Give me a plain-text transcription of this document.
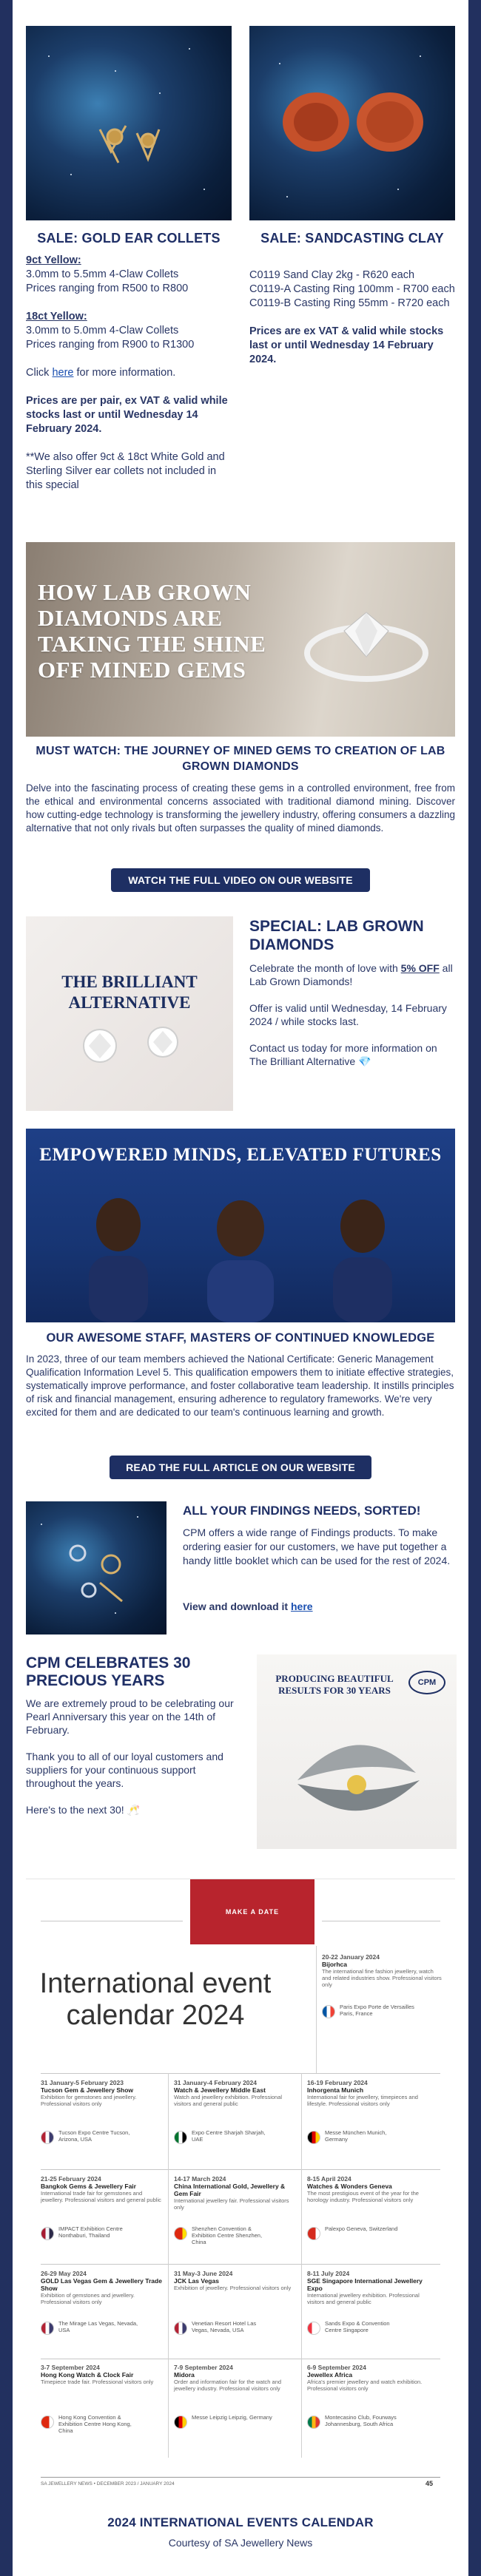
SALE: GOLD EAR COLLETS	SALE: SANDCASTING CLAY
9ct Yellow:
3.0mm to 5.5mm 4-Claw Collets
Prices ranging from R500 to R800
18ct Yellow:
3.0mm to 5.0mm 4-Claw Collets
Prices ranging from R900 to R1300
Click here for more information.
Prices are per pair, ex VAT & valid while stocks last or until Wednesday 14 February 2024.
**We also offer 9ct & 18ct White Gold and Sterling Silver ear collets not included in this special
C0119 Sand Clay 2kg - R620 each
C0119-A Casting Ring 100mm - R700 each
C0119-B Casting Ring 55mm - R720 each
Prices are ex VAT & valid while stocks last or until Wednesday 14 February 2024.
HOW LAB GROWN DIAMONDS ARE TAKING THE SHINE OFF MINED GEMS
MUST WATCH: THE JOURNEY OF MINED GEMS TO CREATION OF LAB GROWN DIAMONDS
Delve into the fascinating process of creating these gems in a controlled environment, free from the ethical and environmental concerns associated with traditional diamond mining. Discover how cutting-edge technology is transforming the jewellery industry, offering consumers a dazzling alternative that not only rivals but often surpasses the quality of mined diamonds.
WATCH THE FULL VIDEO ON OUR WEBSITE
THE BRILLIANT ALTERNATIVE
SPECIAL: LAB GROWN DIAMONDS
Celebrate the month of love with 5% OFF all Lab Grown Diamonds!
Offer is valid until Wednesday, 14 February 2024 / while stocks last.
Contact us today for more information on The Brilliant Alternative 💎
EMPOWERED MINDS, ELEVATED FUTURES
OUR AWESOME STAFF, MASTERS OF CONTINUED KNOWLEDGE
In 2023, three of our team members achieved the National Certificate: Generic Management Qualification Information Level 5. This qualification empowers them to initiate effective strategies, systematically improve performance, and foster collaborative team leadership. It instills principles of risk and financial management, ensuring adherence to regulatory frameworks. We're very excited for them and are dedicated to our team's continuous learning and growth.
READ THE FULL ARTICLE ON OUR WEBSITE
ALL YOUR FINDINGS NEEDS, SORTED!
CPM offers a wide range of Findings products. To make ordering easier for our customers, we have put together a handy little booklet which can be used for the rest of 2024.
View and download it here
CPM CELEBRATES 30 PRECIOUS YEARS
We are extremely proud to be celebrating our Pearl Anniversary this year on the 14th of February.
Thank you to all of our loyal customers and suppliers for your continuous support throughout the years.
Here's to the next 30! 🥂
PRODUCING BEAUTIFUL RESULTS FOR 30 YEARS
CPM
MAKE A DATE
International event
calendar 2024
20-22 January 2024
Bijorhca
The international fine fashion jewellery, watch and related industries show. Professional visitors only
Paris Expo Porte de Versailles Paris, France
31 January-5 February 2023
Tucson Gem & Jewellery Show
Exhibition for gemstones and jewellery. Professional visitors only
Tucson Expo Centre Tucson, Arizona, USA
31 January-4 February 2024
Watch & Jewellery Middle East
Watch and jewellery exhibition. Professional visitors and general public
Expo Centre Sharjah Sharjah, UAE
16-19 February 2024
Inhorgenta Munich
International fair for jewellery, timepieces and lifestyle. Professional visitors only
Messe München Munich, Germany
21-25 February 2024
Bangkok Gems & Jewellery Fair
International trade fair for gemstones and jewellery. Professional visitors and general public
IMPACT Exhibition Centre Nonthaburi, Thailand
14-17 March 2024
China International Gold, Jewellery & Gem Fair
International jewellery fair. Professional visitors only
Shenzhen Convention & Exhibition Centre Shenzhen, China
8-15 April 2024
Watches & Wonders Geneva
The most prestigious event of the year for the horology industry. Professional visitors only
Palexpo Geneva, Switzerland
26-29 May 2024
GOLD Las Vegas Gem & Jewellery Trade Show
Exhibition of gemstones and jewellery. Professional visitors only
The Mirage Las Vegas, Nevada, USA
31 May-3 June 2024
JCK Las Vegas
Exhibition of jewellery. Professional visitors only
Venetian Resort Hotel Las Vegas, Nevada, USA
8-11 July 2024
SGE Singapore International Jewellery Expo
International jewellery exhibition. Professional visitors and general public
Sands Expo & Convention Centre Singapore
3-7 September 2024
Hong Kong Watch & Clock Fair
Timepiece trade fair. Professional visitors only
Hong Kong Convention & Exhibition Centre Hong Kong, China
7-9 September 2024
Midora
Order and information fair for the watch and jewellery industry. Professional visitors only
Messe Leipzig Leipzig, Germany
6-9 September 2024
Jewellex Africa
Africa's premier jewellery and watch exhibition. Professional visitors only
Montecasino Club, Fourways Johannesburg, South Africa
SA JEWELLERY NEWS • DECEMBER 2023 / JANUARY 2024	45
2024 INTERNATIONAL EVENTS CALENDAR
Courtesy of SA Jewellery News
